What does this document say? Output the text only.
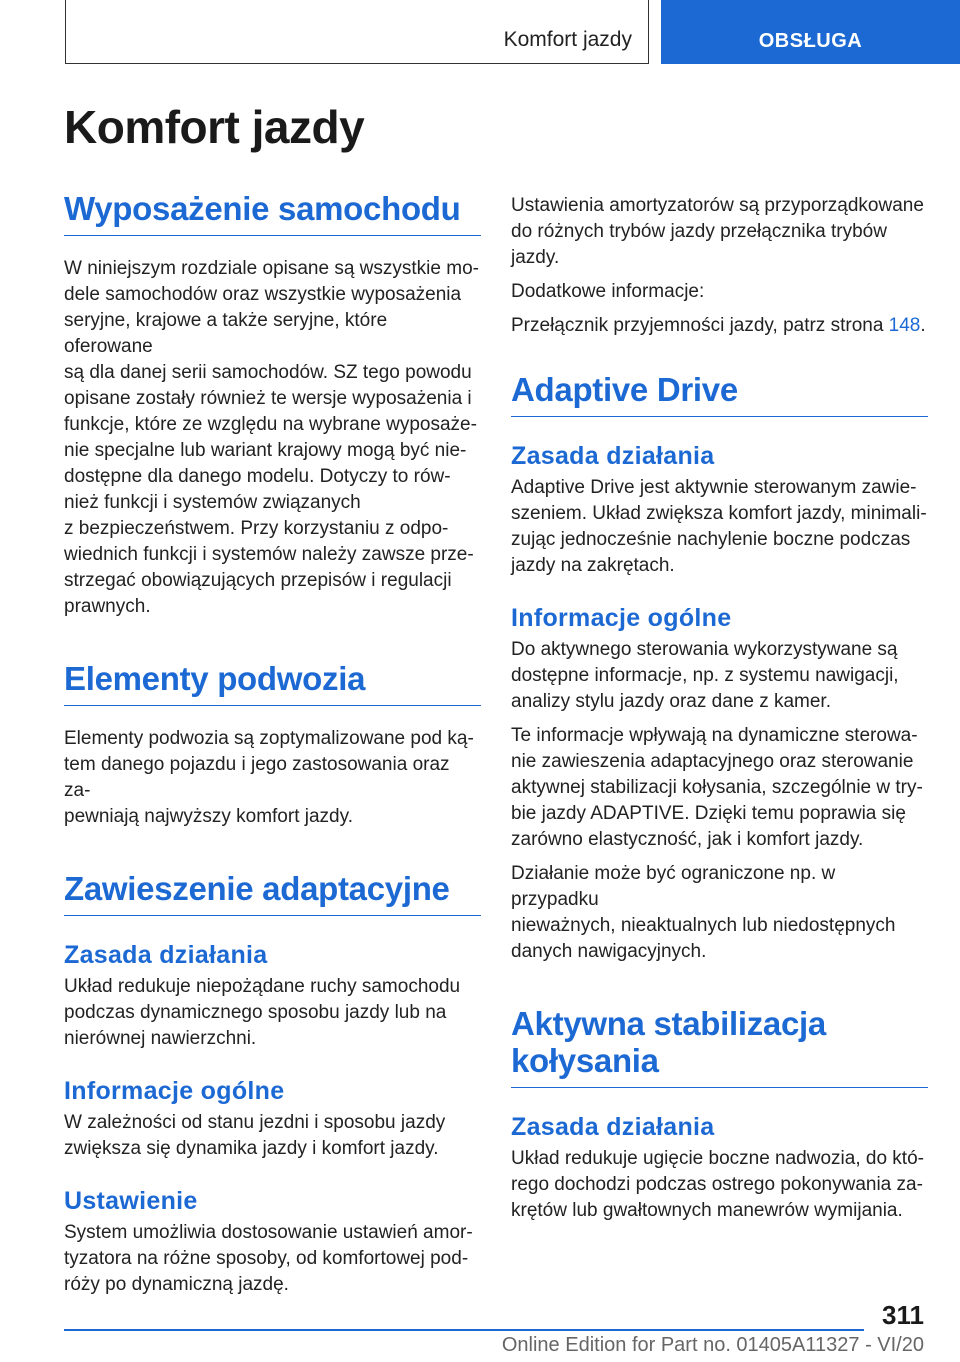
Komfort jazdy	OBSŁUGA
Komfort jazdy
Wyposażenie samochodu

W niniejszym rozdziale opisane są wszystkie mo-
dele samochodów oraz wszystkie wyposażenia
seryjne, krajowe a także seryjne, które oferowane
są dla danej serii samochodów. SZ tego powodu
opisane zostały również te wersje wyposażenia i
funkcje, które ze względu na wybrane wyposaże-
nie specjalne lub wariant krajowy mogą być nie-
dostępne dla danego modelu. Dotyczy to rów-
nież funkcji i systemów związanych
z bezpieczeństwem. Przy korzystaniu z odpo-
wiednich funkcji i systemów należy zawsze prze-
strzegać obowiązujących przepisów i regulacji
prawnych.

Elementy podwozia

Elementy podwozia są zoptymalizowane pod ką-
tem danego pojazdu i jego zastosowania oraz za-
pewniają najwyższy komfort jazdy.

Zawieszenie adaptacyjne
Zasada działania

Układ redukuje niepożądane ruchy samochodu
podczas dynamicznego sposobu jazdy lub na
nierównej nawierzchni.

Informacje ogólne

W zależności od stanu jezdni i sposobu jazdy
zwiększa się dynamika jazdy i komfort jazdy.

Ustawienie

System umożliwia dostosowanie ustawień amor-
tyzatora na różne sposoby, od komfortowej pod-
róży po dynamiczną jazdę.

Ustawienia amortyzatorów są przyporządkowane
do różnych trybów jazdy przełącznika trybów
jazdy.

Dodatkowe informacje:

Przełącznik przyjemności jazdy, patrz strona 148.

Adaptive Drive
Zasada działania

Adaptive Drive jest aktywnie sterowanym zawie-
szeniem. Układ zwiększa komfort jazdy, minimali-
zując jednocześnie nachylenie boczne podczas
jazdy na zakrętach.

Informacje ogólne

Do aktywnego sterowania wykorzystywane są
dostępne informacje, np. z systemu nawigacji,
analizy stylu jazdy oraz dane z kamer.

Te informacje wpływają na dynamiczne sterowa-
nie zawieszenia adaptacyjnego oraz sterowanie
aktywnej stabilizacji kołysania, szczególnie w try-
bie jazdy ADAPTIVE. Dzięki temu poprawia się
zarówno elastyczność, jak i komfort jazdy.

Działanie może być ograniczone np. w przypadku
nieważnych, nieaktualnych lub niedostępnych
danych nawigacyjnych.

Aktywna stabilizacja
kołysania
Zasada działania

Układ redukuje ugięcie boczne nadwozia, do któ-
rego dochodzi podczas ostrego pokonywania za-
krętów lub gwałtownych manewrów wymijania.

311
Online Edition for Part no. 01405A11327 - VI/20
